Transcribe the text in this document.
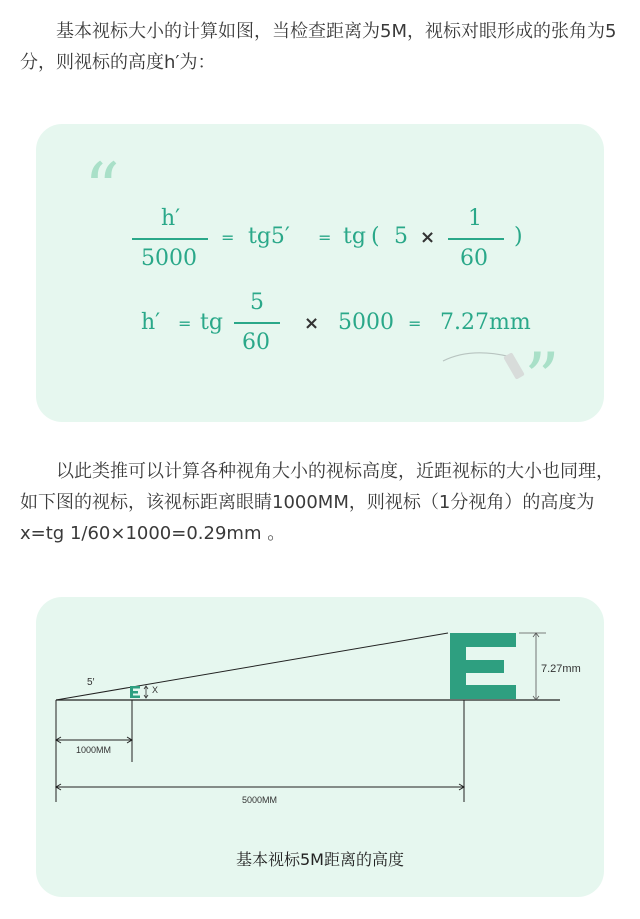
基本视标大小的计算如图，当检查距离为5M，视标对眼形成的张角为5分，则视标的高度h′为：
“
”
h′
5000
= tg5′ = tg ( 5 ×
1
60
)
h′ = tg
5
60
× 5000 = 7.27mm
以此类推可以计算各种视角大小的视标高度，近距视标的大小也同理，如下图的视标，该视标距离眼睛1000MM，则视标（1分视角）的高度为x=tg 1/60×1000=0.29mm 。
5′
X
7.27mm
1000MM
5000MM
基本视标5M距离的高度
